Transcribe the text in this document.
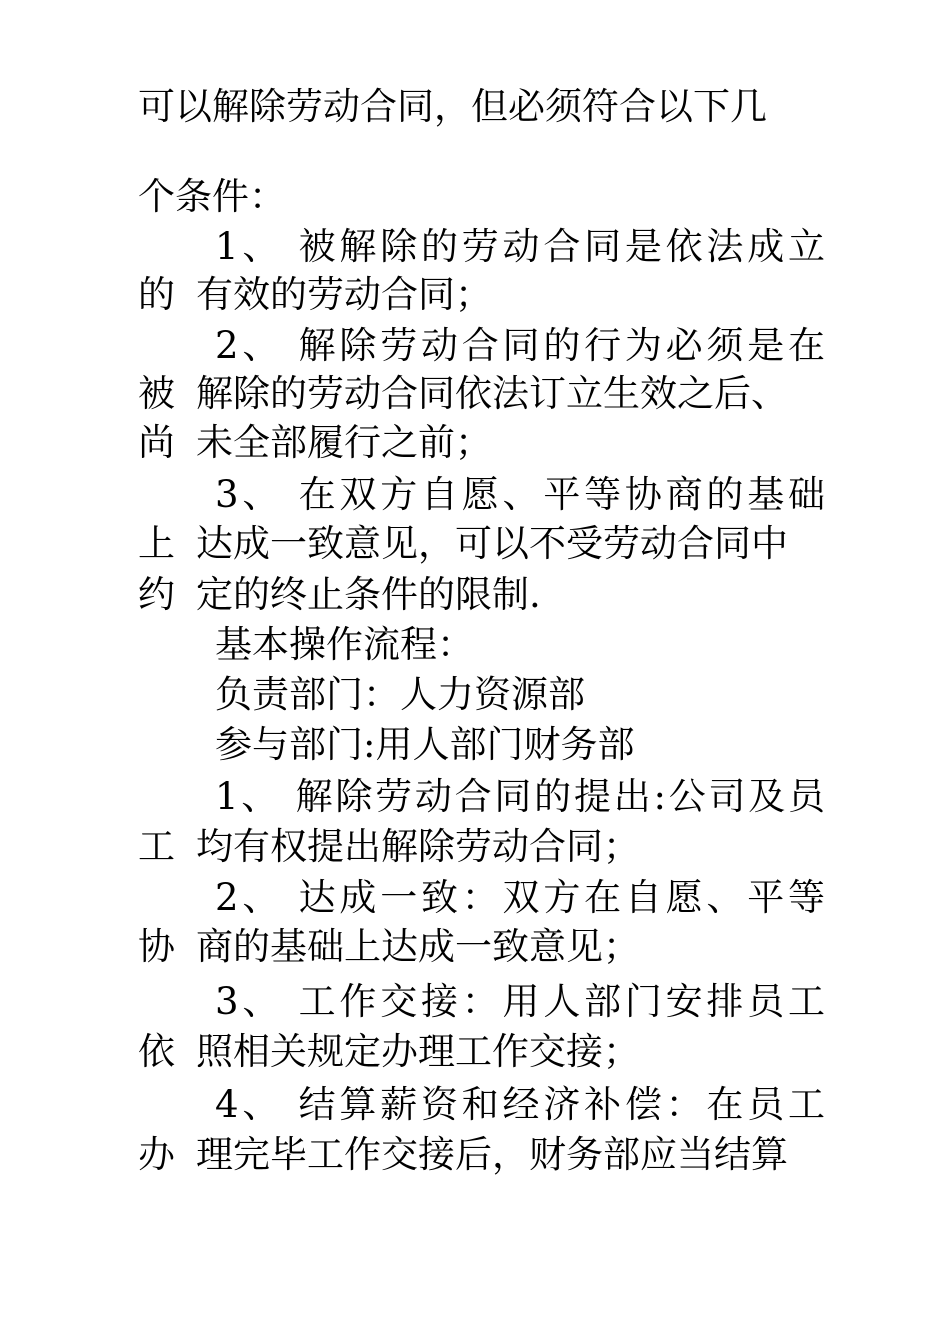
可以解除劳动合同，但必须符合以下几
个条件：
1、 被解除的劳动合同是依法成立
的 有效的劳动合同；
2、 解除劳动合同的行为必须是在
被 解除的劳动合同依法订立生效之后、
尚 未全部履行之前；
3、 在双方自愿、平等协商的基础
上 达成一致意见，可以不受劳动合同中
约 定的终止条件的限制.
基本操作流程：
负责部门：人力资源部
参与部门:用人部门财务部
1、 解除劳动合同的提出:公司及员
工 均有权提出解除劳动合同；
2、 达成一致：双方在自愿、平等
协 商的基础上达成一致意见；
3、 工作交接：用人部门安排员工
依 照相关规定办理工作交接；
4、 结算薪资和经济补偿：在员工
办 理完毕工作交接后，财务部应当结算
